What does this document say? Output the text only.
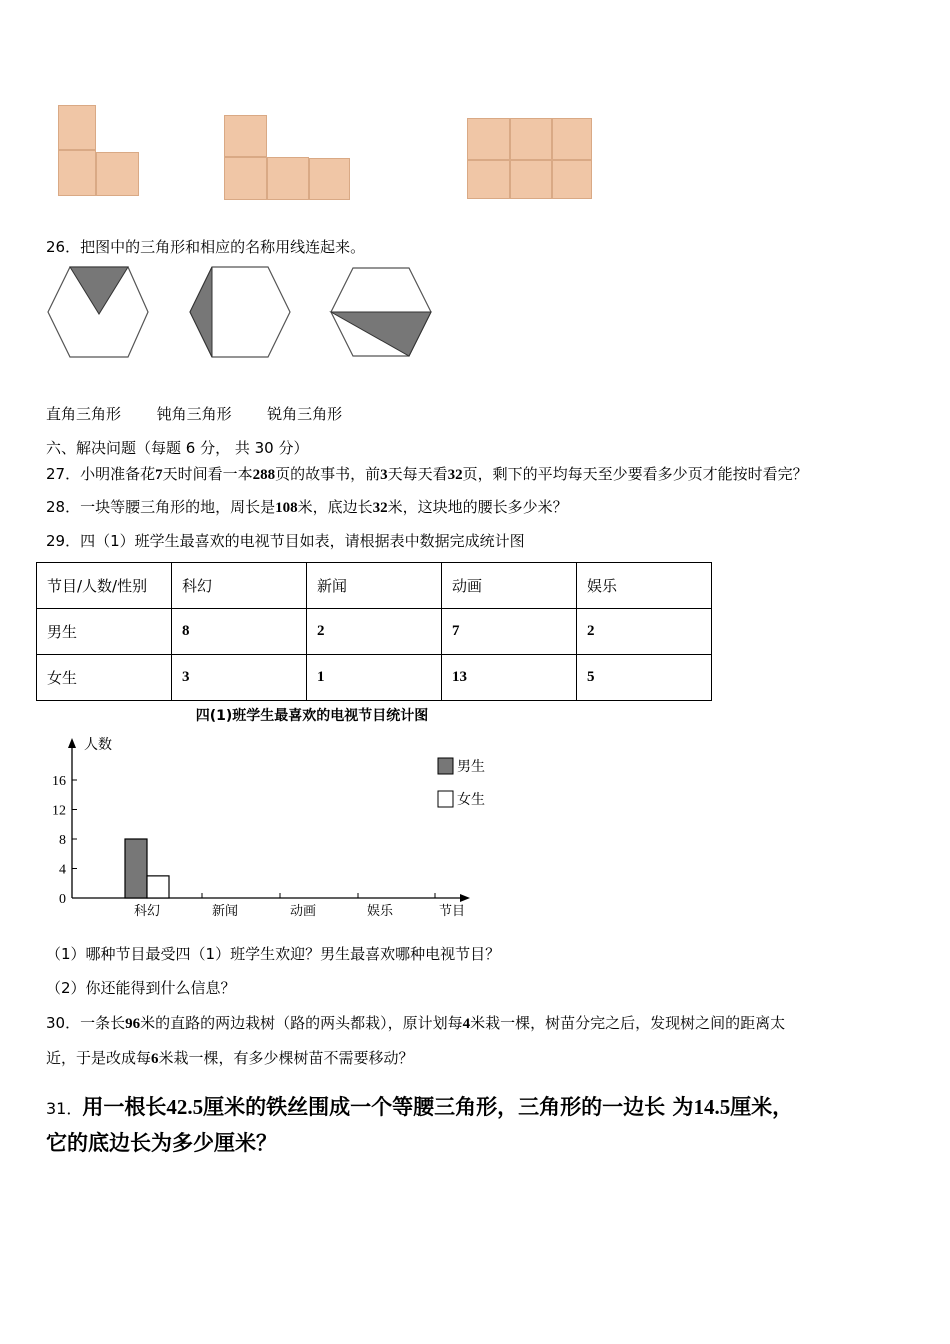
26．把图中的三角形和相应的名称用线连起来。
直角三角形 钝角三角形 锐角三角形
六、解决问题（每题 6 分， 共 30 分）
27．小明准备花7天时间看一本288页的故事书，前3天每天看32页，剩下的平均每天至少要看多少页才能按时看完？
28．一块等腰三角形的地，周长是108米，底边长32米，这块地的腰长多少米？
29．四（1）班学生最喜欢的电视节目如表，请根据表中数据完成统计图
节目/人数/性别	科幻	新闻	动画	娱乐
男生	8	2	7	2
女生	3	1	13	5
四(1)班学生最喜欢的电视节目统计图
人数
节目
0
4
8
12
16
科幻	新闻	动画	娱乐
男生
女生
（1）哪种节目最受四（1）班学生欢迎？男生最喜欢哪种电视节目？
（2）你还能得到什么信息？
30．一条长96米的直路的两边栽树（路的两头都栽），原计划每4米栽一棵，树苗分完之后，发现树之间的距离太
近，于是改成每6米栽一棵，有多少棵树苗不需要移动？
31．用一根长42.5厘米的铁丝围成一个等腰三角形，三角形的一边长 为14.5厘米，
它的底边长为多少厘米？
